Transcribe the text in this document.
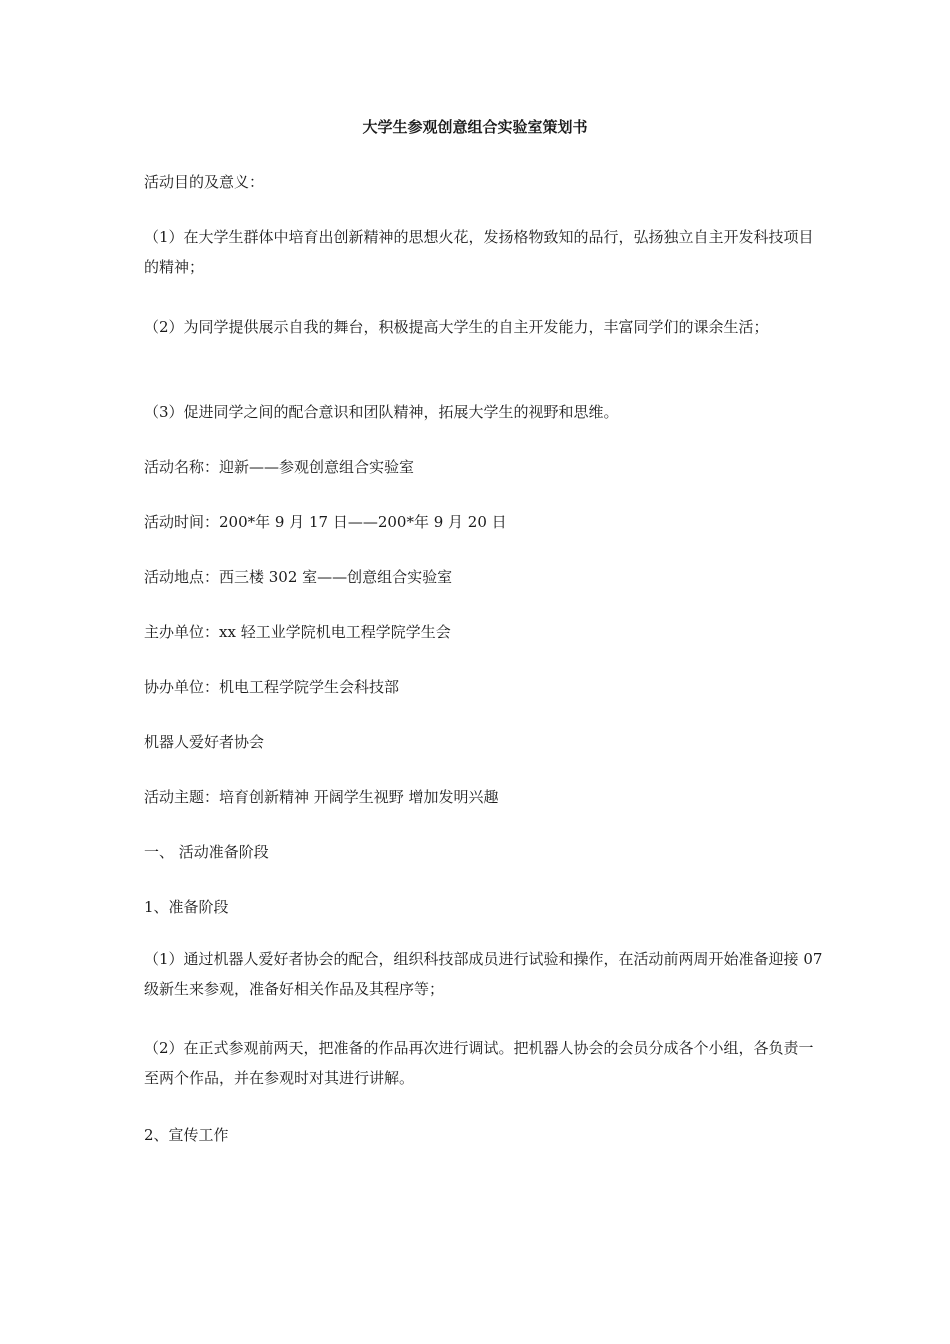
大学生参观创意组合实验室策划书

活动目的及意义：

（1）在大学生群体中培育出创新精神的思想火花，发扬格物致知的品行，弘扬独立自主开发科技项目的精神；

（2）为同学提供展示自我的舞台，积极提高大学生的自主开发能力，丰富同学们的课余生活；

（3）促进同学之间的配合意识和团队精神，拓展大学生的视野和思维。

活动名称：迎新——参观创意组合实验室

活动时间：200*年 9 月 17 日——200*年 9 月 20 日

活动地点：西三楼 302 室——创意组合实验室

主办单位：xx 轻工业学院机电工程学院学生会

协办单位：机电工程学院学生会科技部

机器人爱好者协会

活动主题：培育创新精神 开阔学生视野 增加发明兴趣

一、 活动准备阶段

1、准备阶段

（1）通过机器人爱好者协会的配合，组织科技部成员进行试验和操作，在活动前两周开始准备迎接 07 级新生来参观，准备好相关作品及其程序等；

（2）在正式参观前两天，把准备的作品再次进行调试。把机器人协会的会员分成各个小组，各负责一至两个作品，并在参观时对其进行讲解。

2、宣传工作
